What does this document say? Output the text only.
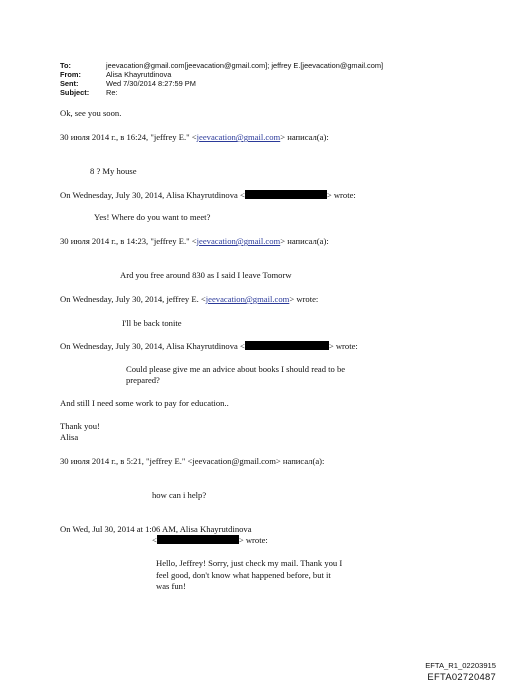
To:	jeevacation@gmail.com[jeevacation@gmail.com]; jeffrey E.[jeevacation@gmail.com]
From:	Alisa Khayrutdinova
Sent:	Wed 7/30/2014 8:27:59 PM
Subject: Re:
Ok, see you soon.
30 июля 2014 г., в 16:24, "jeffrey E." <jeevacation@gmail.com> написал(а):
8 ? My house
On Wednesday, July 30, 2014, Alisa Khayrutdinova <	> wrote:
Yes! Where do you want to meet?
30 июля 2014 г., в 14:23, "jeffrey E." <jeevacation@gmail.com> написал(а):
Ard you free around 830 as I said I leave Tomorw
On Wednesday, July 30, 2014, jeffrey E. <jeevacation@gmail.com> wrote:
I'll be back tonite
On Wednesday, July 30, 2014, Alisa Khayrutdinova <	> wrote:
Could please give me an advice about books I should read to be
prepared?
And still I need some work to pay for education..
Thank you!
Alisa
30 июля 2014 г., в 5:21, "jeffrey E." <jeevacation@gmail.com> написал(а):
how can i help?
On Wed, Jul 30, 2014 at 1:06 AM, Alisa Khayrutdinova
<	> wrote:
Hello, Jeffrey! Sorry, just check my mail. Thank you I
feel good, don't know what happened before, but it
was fun!
EFTA_R1_02203915
EFTA02720487
